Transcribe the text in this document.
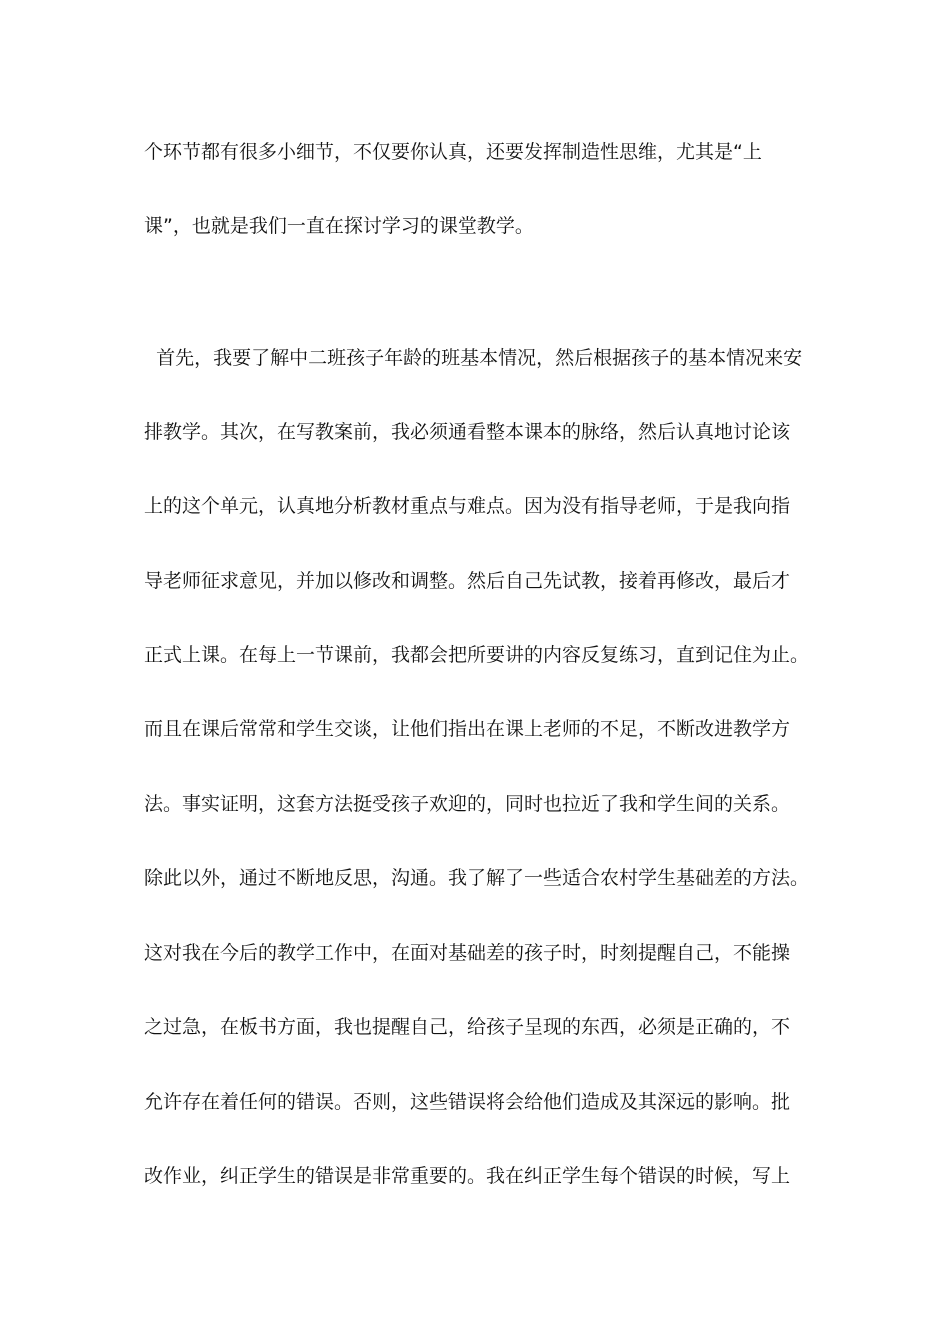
个环节都有很多小细节，不仅要你认真，还要发挥制造性思维，尤其是“上

课”，也就是我们一直在探讨学习的课堂教学。

首先，我要了解中二班孩子年龄的班基本情况，然后根据孩子的基本情况来安

排教学。其次，在写教案前，我必须通看整本课本的脉络，然后认真地讨论该

上的这个单元，认真地分析教材重点与难点。因为没有指导老师，于是我向指

导老师征求意见，并加以修改和调整。然后自己先试教，接着再修改，最后才

正式上课。在每上一节课前，我都会把所要讲的内容反复练习，直到记住为止。

而且在课后常常和学生交谈，让他们指出在课上老师的不足，不断改进教学方

法。事实证明，这套方法挺受孩子欢迎的，同时也拉近了我和学生间的关系。

除此以外，通过不断地反思，沟通。我了解了一些适合农村学生基础差的方法。

这对我在今后的教学工作中，在面对基础差的孩子时，时刻提醒自己，不能操

之过急，在板书方面，我也提醒自己，给孩子呈现的东西，必须是正确的，不

允许存在着任何的错误。否则，这些错误将会给他们造成及其深远的影响。批

改作业，纠正学生的错误是非常重要的。我在纠正学生每个错误的时候，写上
